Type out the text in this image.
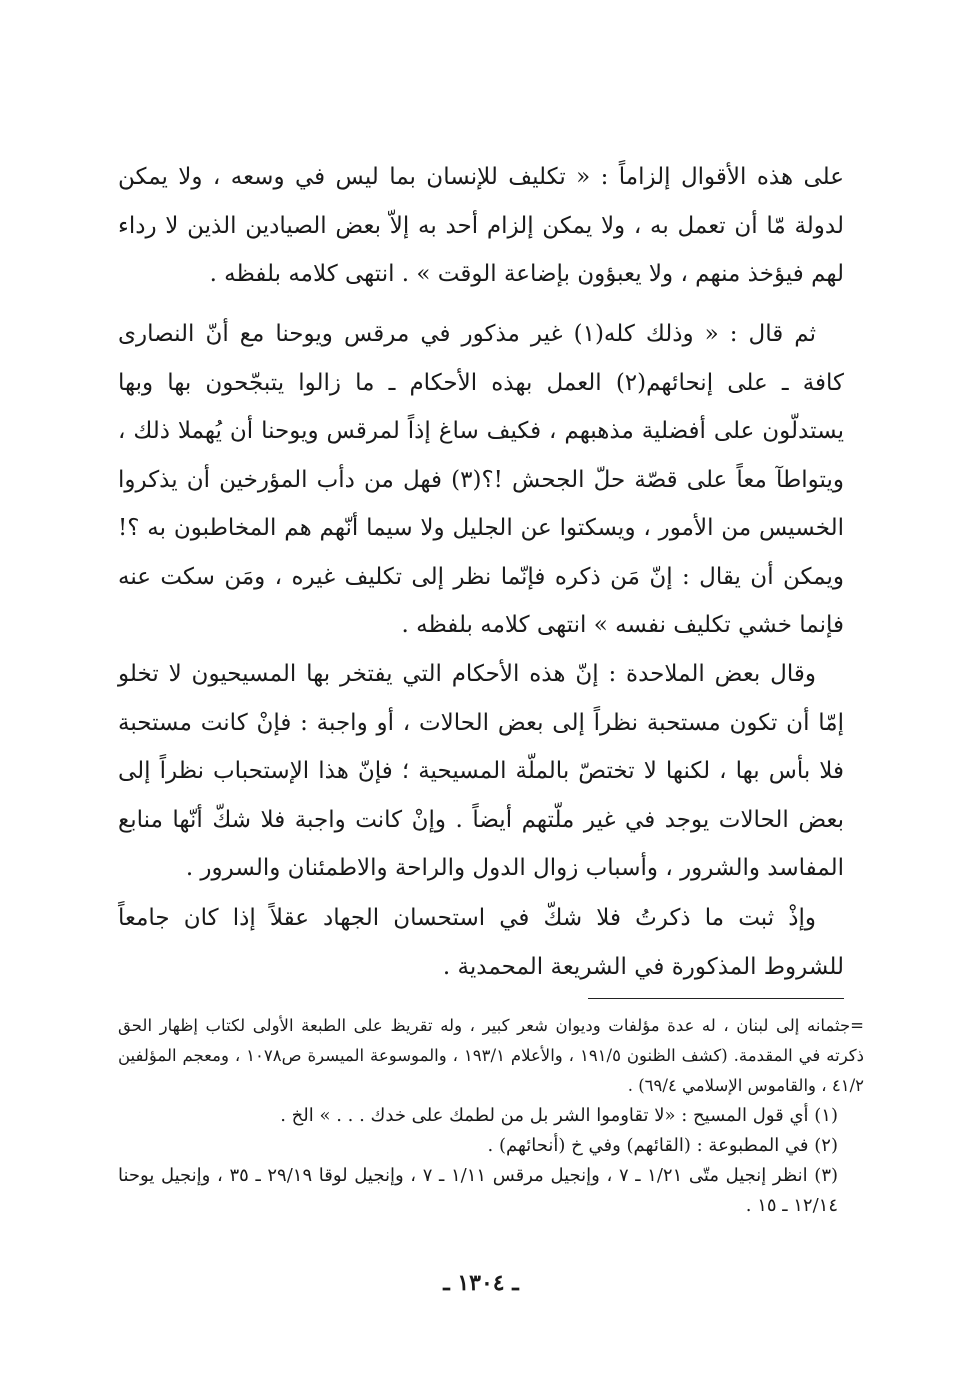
على هذه الأقوال إلزاماً : « تكليف للإنسان بما ليس في وسعه ، ولا يمكن لدولة مّا أن تعمل به ، ولا يمكن إلزام أحد به إلاّ بعض الصيادين الذين لا رداء لهم فيؤخذ منهم ، ولا يعبؤون بإضاعة الوقت » . انتهى كلامه بلفظه .

ثم قال : « وذلك كله(١) غير مذكور في مرقس ويوحنا مع أنّ النصارى كافة ـ على إنحائهم(٢) العمل بهذه الأحكام ـ ما زالوا يتبجّحون بها وبها يستدلّون على أفضلية مذهبهم ، فكيف ساغ إذاً لمرقس ويوحنا أن يُهملا ذلك ، ويتواطآ معاً على قصّة حلّ الجحش !؟(٣) فهل من دأب المؤرخين أن يذكروا الخسيس من الأمور ، ويسكتوا عن الجليل ولا سيما أنّهم هم المخاطبون به ؟! ويمكن أن يقال : إنّ مَن ذكره فإنّما نظر إلى تكليف غيره ، ومَن سكت عنه فإنما خشي تكليف نفسه » انتهى كلامه بلفظه .

وقال بعض الملاحدة : إنّ هذه الأحكام التي يفتخر بها المسيحيون لا تخلو إمّا أن تكون مستحبة نظراً إلى بعض الحالات ، أو واجبة : فإنْ كانت مستحبة فلا بأس بها ، لكنها لا تختصّ بالملّة المسيحية ؛ فإنّ هذا الإستحباب نظراً إلى بعض الحالات يوجد في غير ملّتهم أيضاً . وإنْ كانت واجبة فلا شكّ أنّها منابع المفاسد والشرور ، وأسباب زوال الدول والراحة والاطمئنان والسرور .

وإذْ ثبت ما ذكرتُ فلا شكّ في استحسان الجهاد عقلاً إذا كان جامعاً للشروط المذكورة في الشريعة المحمدية .

=جثمانه إلى لبنان ، له عدة مؤلفات وديوان شعر كبير ، وله تقريظ على الطبعة الأولى لكتاب إظهار الحق ذكرته في المقدمة. (كشف الظنون ١٩١/٥ ، والأعلام ١٩٣/١ ، والموسوعة الميسرة ص١٠٧٨ ، ومعجم المؤلفين ٤١/٢ ، والقاموس الإسلامي ٦٩/٤) .

(١) أي قول المسيح : «لا تقاوموا الشر بل من لطمك على خدك . . . » الخ .

(٢) في المطبوعة : (القائهم) وفي خ (أنحائهم) .

(٣) انظر إنجيل متّى ١/٢١ ـ ٧ ، وإنجيل مرقس ١/١١ ـ ٧ ، وإنجيل لوقا ٢٩/١٩ ـ ٣٥ ، وإنجيل يوحنا ١٢/١٤ ـ ١٥ .

ـ ١٣٠٤ ـ
